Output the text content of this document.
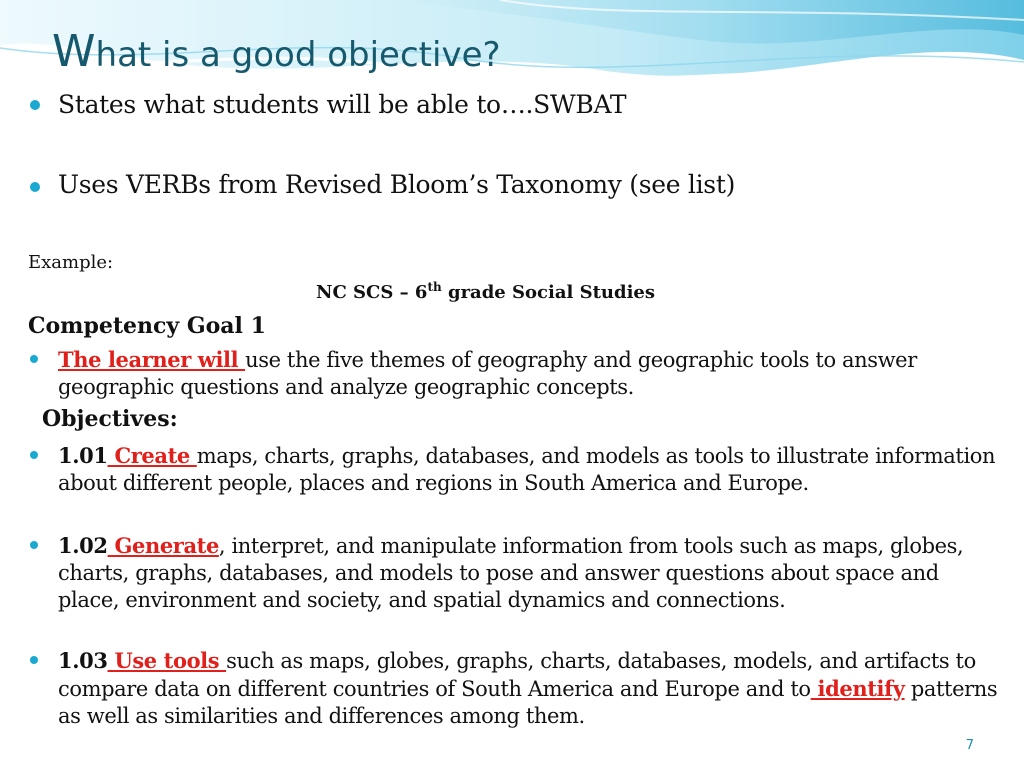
What is a good objective?

States what students will be able to….SWBAT

Uses VERBs from Revised Bloom’s Taxonomy (see list)

Example:

NC SCS – 6th grade Social Studies

Competency Goal 1

The learner will use the five themes of geography and geographic tools to answer geographic questions and analyze geographic concepts.

Objectives:

1.01 Create maps, charts, graphs, databases, and models as tools to illustrate information about different people, places and regions in South America and Europe.

1.02 Generate, interpret, and manipulate information from tools such as maps, globes, charts, graphs, databases, and models to pose and answer questions about space and place, environment and society, and spatial dynamics and connections.

1.03 Use tools such as maps, globes, graphs, charts, databases, models, and artifacts to compare data on different countries of South America and Europe and to identify patterns as well as similarities and differences among them.

7
